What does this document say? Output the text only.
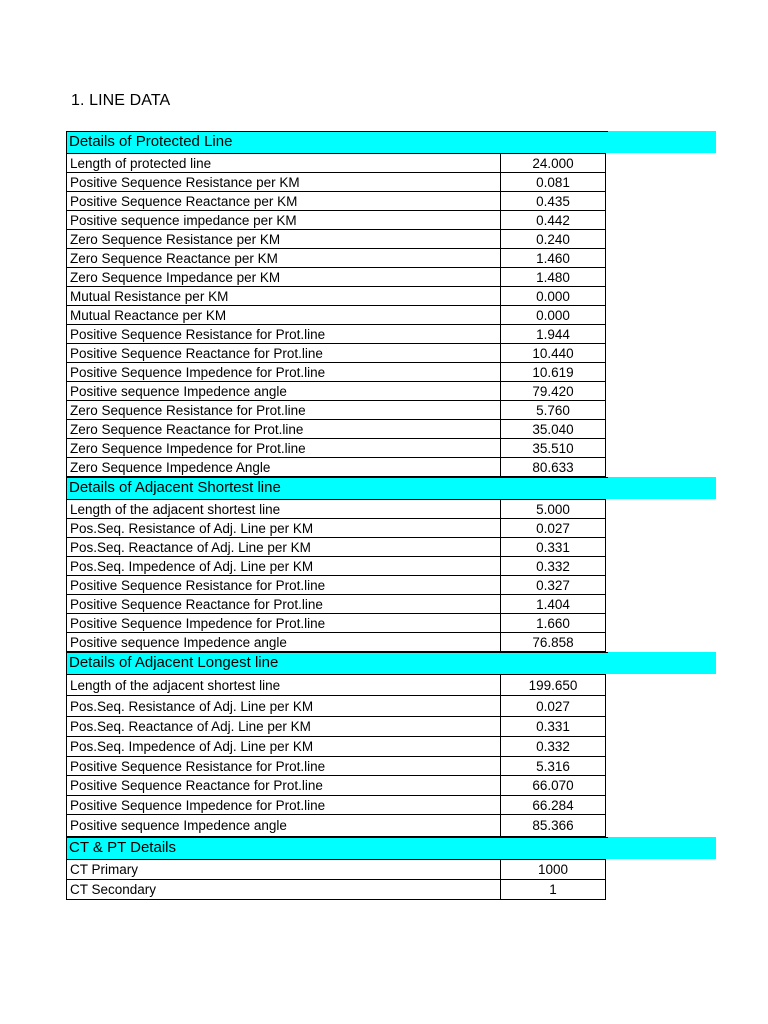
1. LINE DATA
Details of Protected Line
Length of protected line	24.000
Positive Sequence Resistance per KM	0.081
Positive Sequence Reactance per KM	0.435
Positive sequence impedance per KM	0.442
Zero Sequence Resistance per KM	0.240
Zero Sequence Reactance per KM	1.460
Zero Sequence Impedance per KM	1.480
Mutual Resistance per KM	0.000
Mutual Reactance per KM	0.000
Positive Sequence Resistance for Prot.line	1.944
Positive Sequence Reactance for Prot.line	10.440
Positive Sequence Impedence for Prot.line	10.619
Positive sequence Impedence angle	79.420
Zero Sequence Resistance for Prot.line	5.760
Zero Sequence Reactance for Prot.line	35.040
Zero Sequence Impedence for Prot.line	35.510
Zero Sequence Impedence Angle	80.633
Details of Adjacent Shortest line
Length of the adjacent shortest line	5.000
Pos.Seq. Resistance of Adj. Line per KM	0.027
Pos.Seq. Reactance of Adj. Line per KM	0.331
Pos.Seq. Impedence of Adj. Line per KM	0.332
Positive Sequence Resistance for Prot.line	0.327
Positive Sequence Reactance for Prot.line	1.404
Positive Sequence Impedence for Prot.line	1.660
Positive sequence Impedence angle	76.858
Details of Adjacent Longest line
Length of the adjacent shortest line	199.650
Pos.Seq. Resistance of Adj. Line per KM	0.027
Pos.Seq. Reactance of Adj. Line per KM	0.331
Pos.Seq. Impedence of Adj. Line per KM	0.332
Positive Sequence Resistance for Prot.line	5.316
Positive Sequence Reactance for Prot.line	66.070
Positive Sequence Impedence for Prot.line	66.284
Positive sequence Impedence angle	85.366
CT & PT Details
CT Primary	1000
CT Secondary	1
